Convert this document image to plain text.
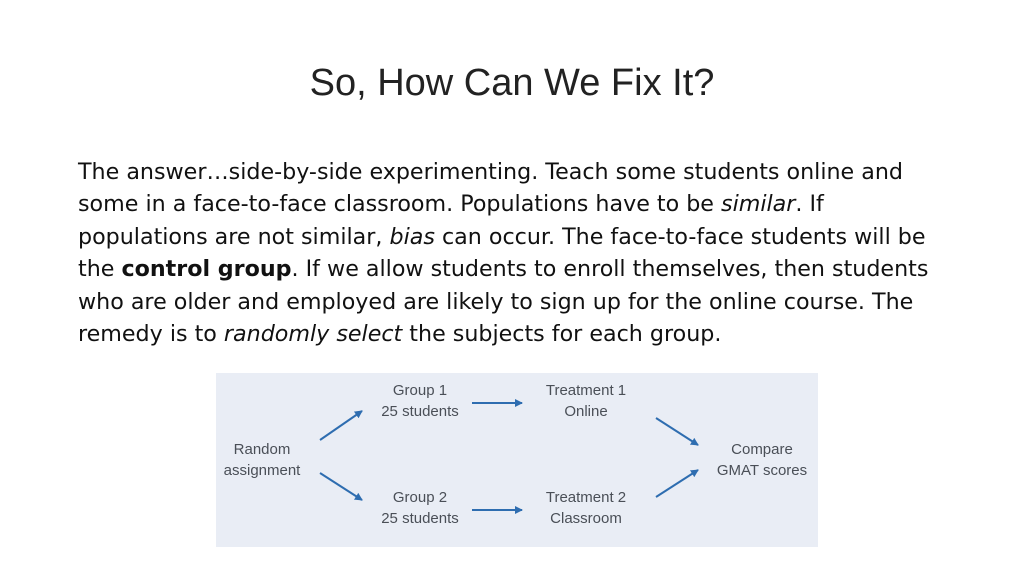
So, How Can We Fix It?

The answer…side-by-side experimenting. Teach some students online and some in a face-to-face classroom. Populations have to be similar. If populations are not similar, bias can occur. The face-to-face students will be the control group. If we allow students to enroll themselves, then students who are older and employed are likely to sign up for the online course. The remedy is to randomly select the subjects for each group.

Random
assignment
Group 1
25 students
Group 2
25 students
Treatment 1
Online
Treatment 2
Classroom
Compare
GMAT scores
